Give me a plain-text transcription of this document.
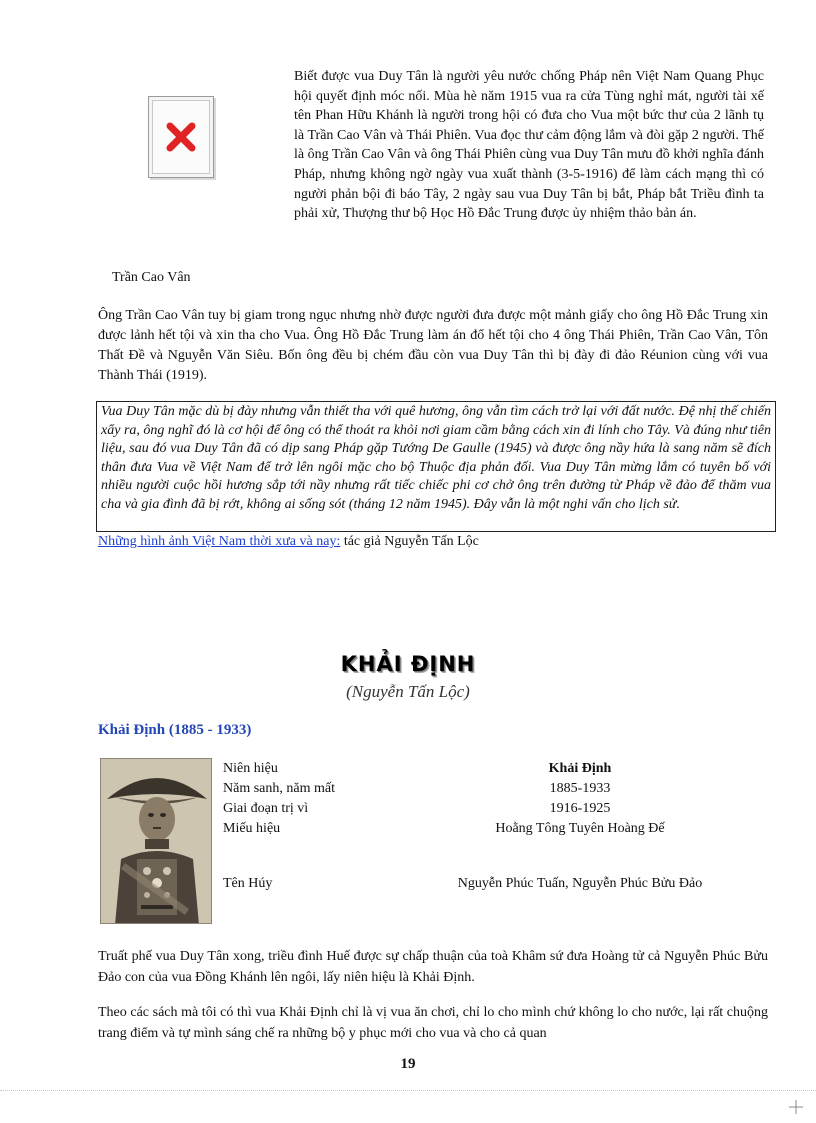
Biết được vua Duy Tân là người yêu nước chống Pháp nên Việt Nam Quang Phục hội quyết định móc nối. Mùa hè năm 1915 vua ra cửa Tùng nghỉ mát, người tài xế tên Phan Hữu Khánh là người trong hội có đưa cho Vua một bức thư của 2 lãnh tụ là Trần Cao Vân và Thái Phiên. Vua đọc thư cảm động lắm và đòi gặp 2 người. Thế là ông Trần Cao Vân và ông Thái Phiên cùng vua Duy Tân mưu đồ khởi nghĩa đánh Pháp, nhưng không ngờ ngày vua xuất thành (3-5-1916) để làm cách mạng thì có người phản bội đi báo Tây, 2 ngày sau vua Duy Tân bị bắt, Pháp bắt Triều đình ta phải xử, Thượng thư bộ Học Hồ Đắc Trung được ủy nhiệm thảo bản án.

Trần Cao Vân

Ông Trần Cao Vân tuy bị giam trong ngục nhưng nhờ được người đưa được một mảnh giấy cho ông Hồ Đắc Trung xin được lảnh hết tội và xin tha cho Vua. Ông Hồ Đắc Trung làm án đổ hết tội cho 4 ông Thái Phiên, Trần Cao Vân, Tôn Thất Đề và Nguyễn Văn Siêu. Bốn ông đều bị chém đầu còn vua Duy Tân thì bị đày đi đảo Réunion cùng với vua Thành Thái (1919).

Vua Duy Tân mặc dù bị đày nhưng vẫn thiết tha với quê hương, ông vẫn tìm cách trở lại với đất nước. Đệ nhị thế chiến xẩy ra, ông nghĩ đó là cơ hội để ông có thể thoát ra khỏi nơi giam cầm bằng cách xin đi lính cho Tây. Và đúng như tiên liệu, sau đó vua Duy Tân đã có dịp sang Pháp gặp Tướng De Gaulle (1945) và được ông nầy hứa là sang năm sẽ đích thân đưa Vua về Việt Nam để trở lên ngôi mặc cho bộ Thuộc địa phản đối. Vua Duy Tân mừng lắm có tuyên bố với nhiều người cuộc hồi hương sắp tới nầy nhưng rất tiếc chiếc phi cơ chở ông trên đường từ Pháp về đảo để thăm vua cha và gia đình đã bị rớt, không ai sống sót (tháng 12 năm 1945). Đây vẫn là một nghi vấn cho lịch sử.
Những hình ảnh Việt Nam thời xưa và nay: tác giả Nguyễn Tấn Lộc
KHẢI ĐỊNH
(Nguyễn Tấn Lộc)
Khải Định (1885 - 1933)
Niên hiệu	Khải Định
Năm sanh, năm mất	1885-1933
Giai đoạn trị vì	1916-1925
Miếu hiệu	Hoằng Tông Tuyên Hoàng Đế
Tên Húy	Nguyễn Phúc Tuấn, Nguyễn Phúc Bửu Đảo

Truất phế vua Duy Tân xong, triều đình Huế được sự chấp thuận của toà Khâm sứ đưa Hoàng tử cả Nguyễn Phúc Bửu Đảo con của vua Đồng Khánh lên ngôi, lấy niên hiệu là Khải Định.

Theo các sách mà tôi có thì vua Khải Định chỉ là vị vua ăn chơi, chỉ lo cho mình chứ không lo cho nước, lại rất chuộng trang điểm và tự mình sáng chế ra những bộ y phục mới cho vua và cho cả quan

19
